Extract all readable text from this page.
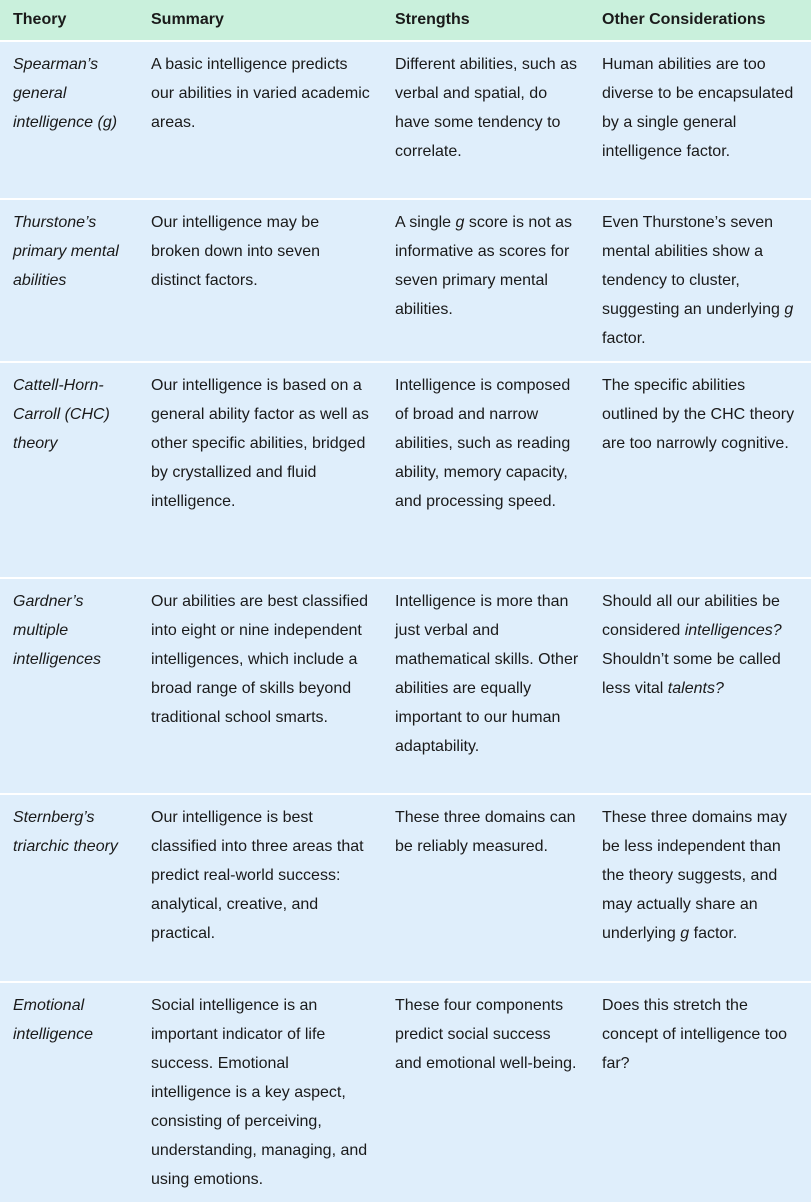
Theory	Summary	Strengths	Other Considerations
Spearman’s general intelligence (g)	A basic intelligence predicts our abilities in varied academic areas.	Different abilities, such as verbal and spatial, do have some tendency to correlate.	Human abilities are too diverse to be encapsulated by a single general intelligence factor.
Thurstone’s primary mental abilities	Our intelligence may be broken down into seven distinct factors.	A single g score is not as informative as scores for seven primary mental abilities.	Even Thurstone’s seven mental abilities show a tendency to cluster, suggesting an underlying g factor.
Cattell-Horn-Carroll (CHC) theory	Our intelligence is based on a general ability factor as well as other specific abilities, bridged by crystallized and fluid intelligence.	Intelligence is composed of broad and narrow abilities, such as reading ability, memory capacity, and processing speed.	The specific abilities outlined by the CHC theory are too narrowly cognitive.
Gardner’s multiple intelligences	Our abilities are best classified into eight or nine independent intelligences, which include a broad range of skills beyond traditional school smarts.	Intelligence is more than just verbal and mathematical skills. Other abilities are equally important to our human adaptability.	Should all our abilities be considered intelligences? Shouldn’t some be called less vital talents?
Sternberg’s triarchic theory	Our intelligence is best classified into three areas that predict real-world success: analytical, creative, and practical.	These three domains can be reliably measured.	These three domains may be less independent than the theory suggests, and may actually share an underlying g factor.
Emotional intelligence	Social intelligence is an important indicator of life success. Emotional intelligence is a key aspect, consisting of perceiving, understanding, managing, and using emotions.	These four components predict social success and emotional well-being.	Does this stretch the concept of intelligence too far?
